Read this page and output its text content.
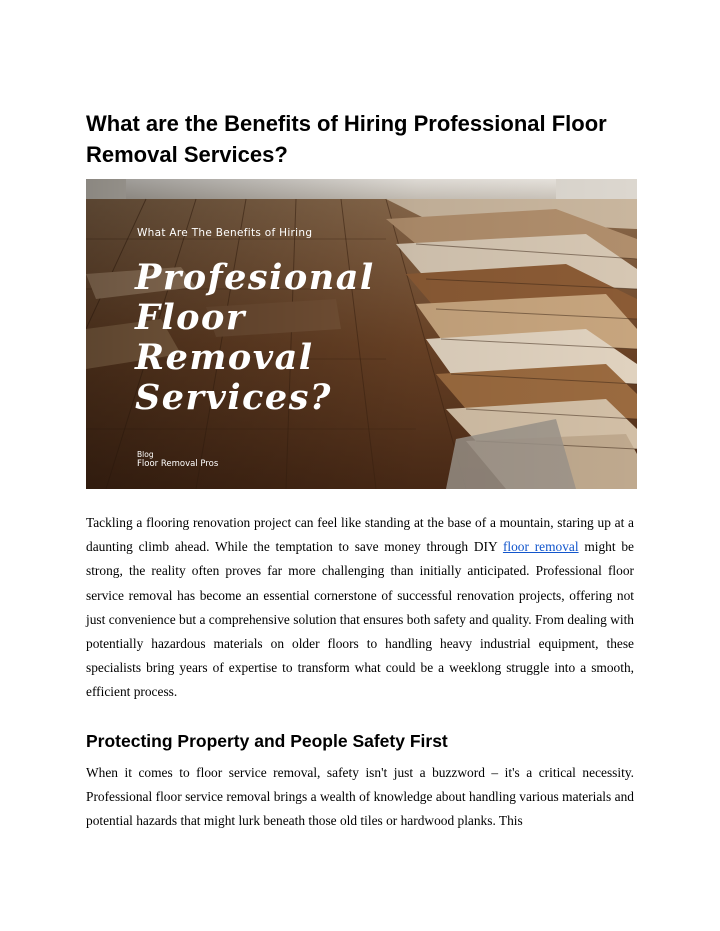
What are the Benefits of Hiring Professional Floor Removal Services?
What Are The Benefits of Hiring
Profesional
Floor
Removal
Services?
Blog
Floor Removal Pros

Tackling a flooring renovation project can feel like standing at the base of a mountain, staring up at a daunting climb ahead. While the temptation to save money through DIY floor removal might be strong, the reality often proves far more challenging than initially anticipated. Professional floor service removal has become an essential cornerstone of successful renovation projects, offering not just convenience but a comprehensive solution that ensures both safety and quality. From dealing with potentially hazardous materials on older floors to handling heavy industrial equipment, these specialists bring years of expertise to transform what could be a weeklong struggle into a smooth, efficient process.

Protecting Property and People Safety First

When it comes to floor service removal, safety isn't just a buzzword – it's a critical necessity. Professional floor service removal brings a wealth of knowledge about handling various materials and potential hazards that might lurk beneath those old tiles or hardwood planks. This
